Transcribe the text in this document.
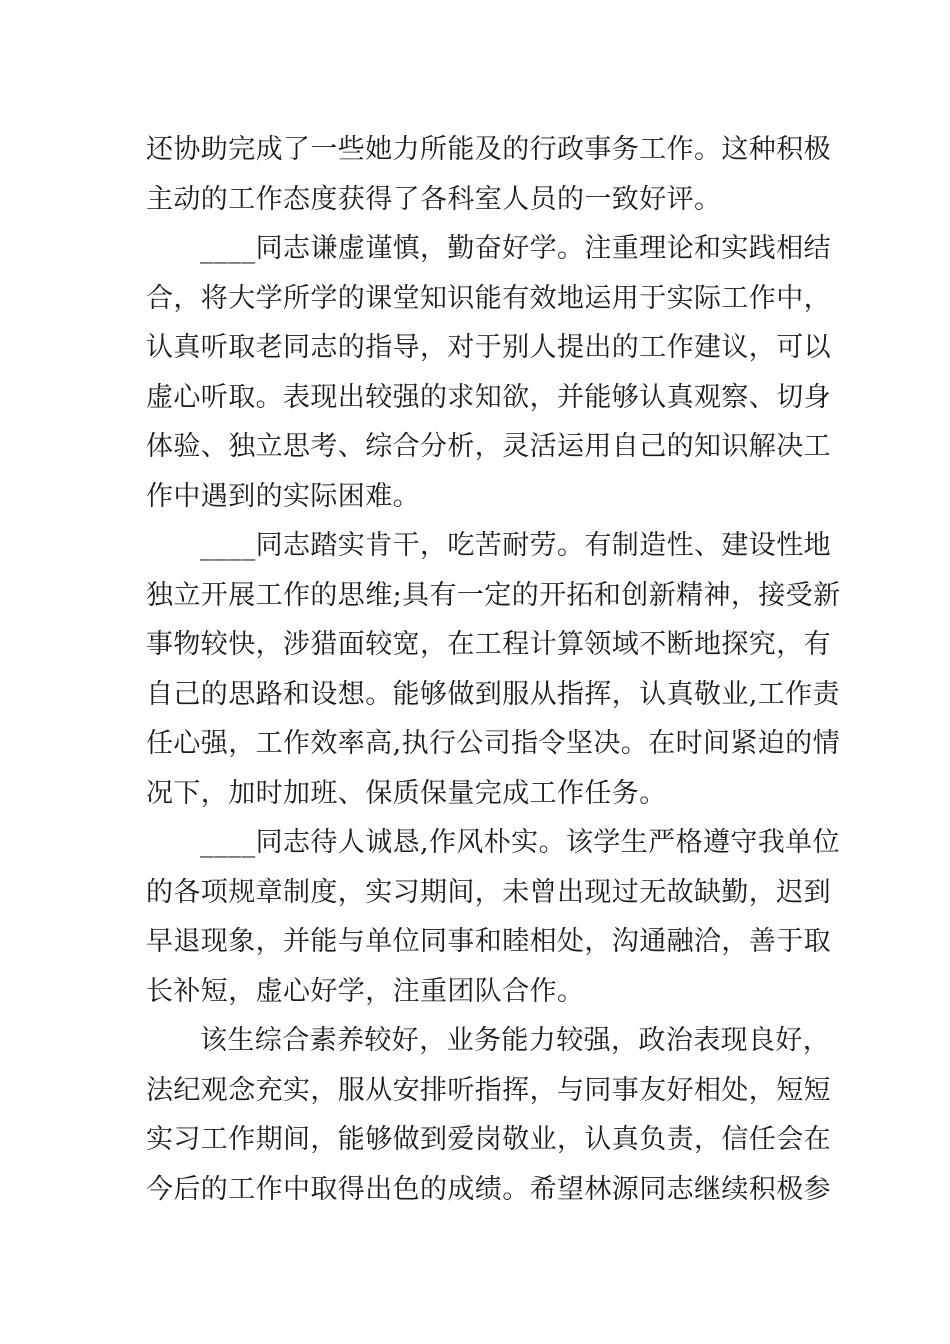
还协助完成了一些她力所能及的行政事务工作。这种积极
主动的工作态度获得了各科室人员的一致好评。
____同志谦虚谨慎，勤奋好学。注重理论和实践相结
合，将大学所学的课堂知识能有效地运用于实际工作中，
认真听取老同志的指导，对于别人提出的工作建议，可以
虚心听取。表现出较强的求知欲，并能够认真观察、切身
体验、独立思考、综合分析，灵活运用自己的知识解决工
作中遇到的实际困难。
____同志踏实肯干，吃苦耐劳。有制造性、建设性地
独立开展工作的思维;具有一定的开拓和创新精神，接受新
事物较快，涉猎面较宽，在工程计算领域不断地探究，有
自己的思路和设想。能够做到服从指挥，认真敬业,工作责
任心强，工作效率高,执行公司指令坚决。在时间紧迫的情
况下，加时加班、保质保量完成工作任务。
____同志待人诚恳,作风朴实。该学生严格遵守我单位
的各项规章制度，实习期间，未曾出现过无故缺勤，迟到
早退现象，并能与单位同事和睦相处，沟通融洽，善于取
长补短，虚心好学，注重团队合作。
该生综合素养较好，业务能力较强，政治表现良好，
法纪观念充实，服从安排听指挥，与同事友好相处，短短
实习工作期间，能够做到爱岗敬业，认真负责，信任会在
今后的工作中取得出色的成绩。希望林源同志继续积极参
